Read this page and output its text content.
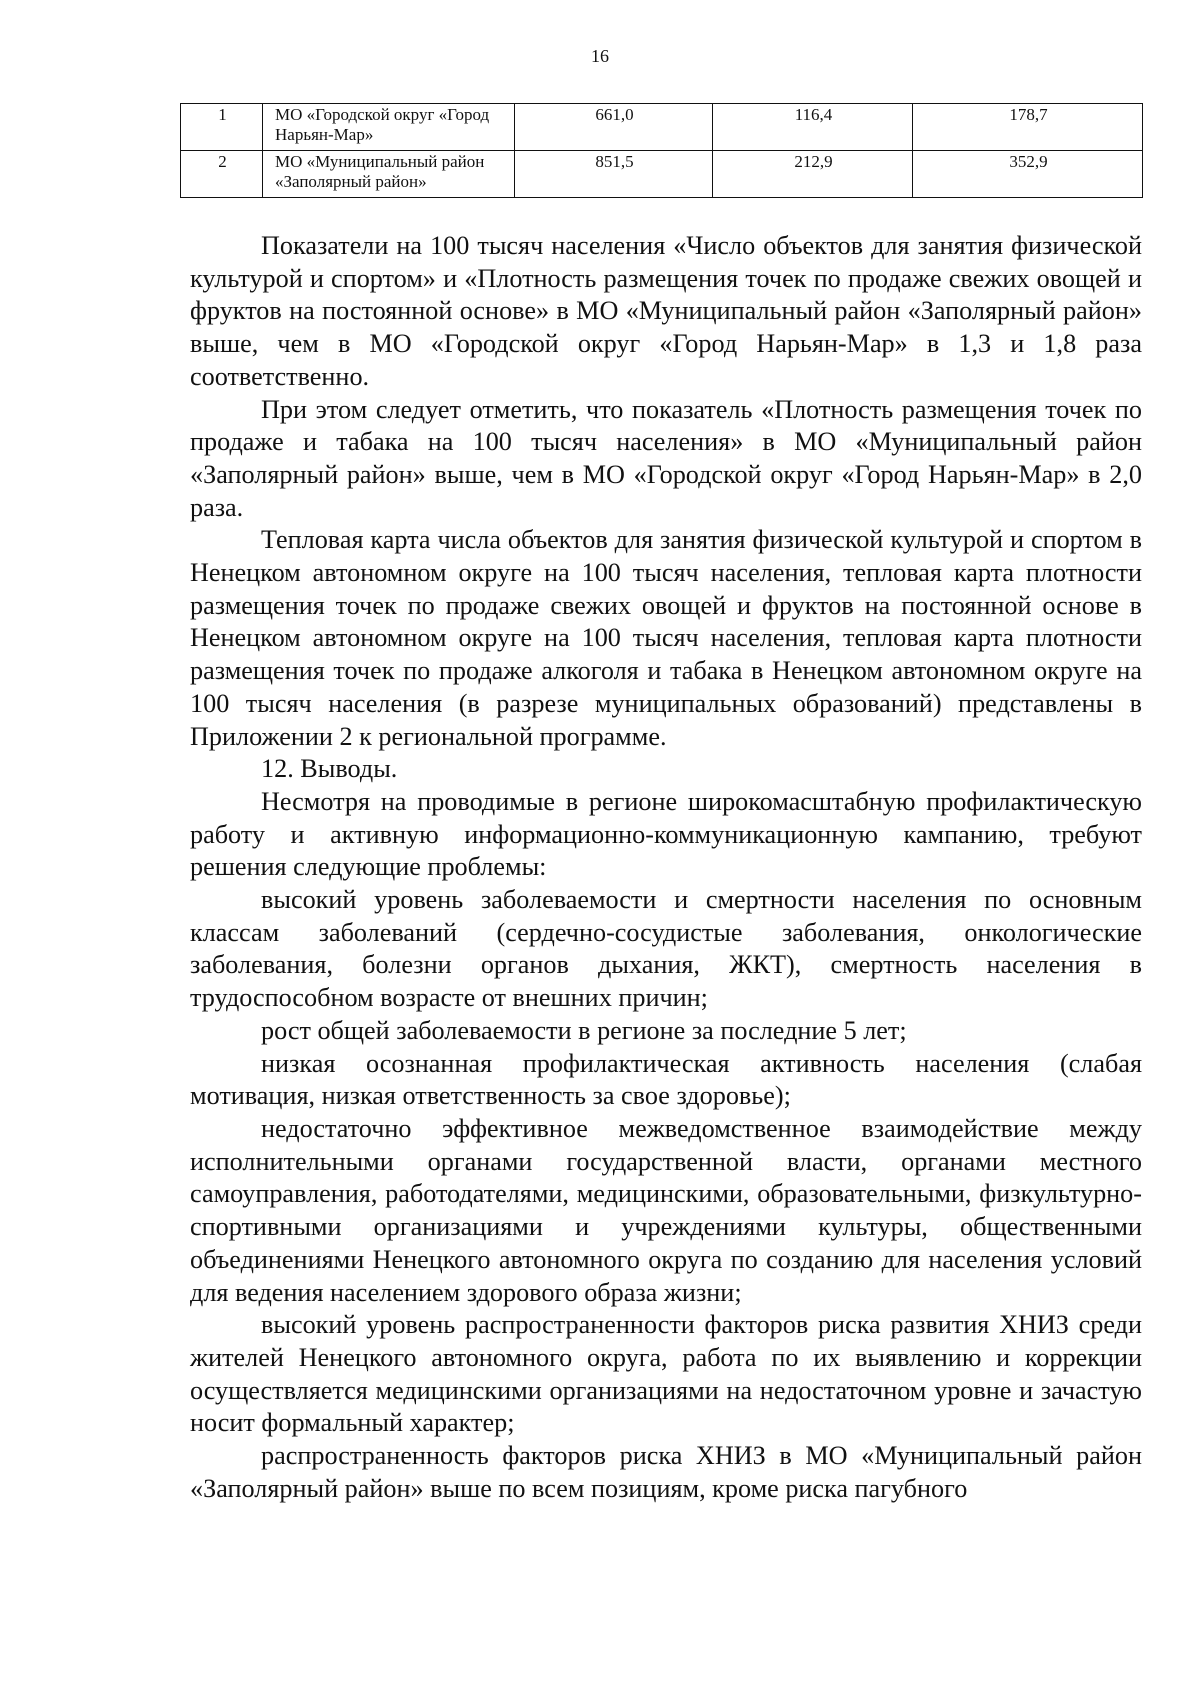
16
1	МО «Городской округ «Город Нарьян-Мар»	661,0	116,4	178,7
2	МО «Муниципальный район «Заполярный район»	851,5	212,9	352,9

Показатели на 100 тысяч населения «Число объектов для занятия физической культурой и спортом» и «Плотность размещения точек по продаже свежих овощей и фруктов на постоянной основе» в МО «Муниципальный район «Заполярный район» выше, чем в МО «Городской округ «Город Нарьян-Мар» в 1,3 и 1,8 раза соответственно.

При этом следует отметить, что показатель «Плотность размещения точек по продаже и табака на 100 тысяч населения» в МО «Муниципальный район «Заполярный район» выше, чем в МО «Городской округ «Город Нарьян-Мар» в 2,0 раза.

Тепловая карта числа объектов для занятия физической культурой и спортом в Ненецком автономном округе на 100 тысяч населения, тепловая карта плотности размещения точек по продаже свежих овощей и фруктов на постоянной основе в Ненецком автономном округе на 100 тысяч населения, тепловая карта плотности размещения точек по продаже алкоголя и табака в Ненецком автономном округе на 100 тысяч населения (в разрезе муниципальных образований) представлены в Приложении 2 к региональной программе.

12. Выводы.

Несмотря на проводимые в регионе широкомасштабную профилактическую работу и активную информационно-коммуникационную кампанию, требуют решения следующие проблемы:

высокий уровень заболеваемости и смертности населения по основным классам заболеваний (сердечно-сосудистые заболевания, онкологические заболевания, болезни органов дыхания, ЖКТ), смертность населения в трудоспособном возрасте от внешних причин;

рост общей заболеваемости в регионе за последние 5 лет;

низкая осознанная профилактическая активность населения (слабая мотивация, низкая ответственность за свое здоровье);

недостаточно эффективное межведомственное взаимодействие между исполнительными органами государственной власти, органами местного самоуправления, работодателями, медицинскими, образовательными, физкультурно-спортивными организациями и учреждениями культуры, общественными объединениями Ненецкого автономного округа по созданию для населения условий для ведения населением здорового образа жизни;

высокий уровень распространенности факторов риска развития ХНИЗ среди жителей Ненецкого автономного округа, работа по их выявлению и коррекции осуществляется медицинскими организациями на недостаточном уровне и зачастую носит формальный характер;

распространенность факторов риска ХНИЗ в МО «Муниципальный район «Заполярный район» выше по всем позициям, кроме риска пагубного
